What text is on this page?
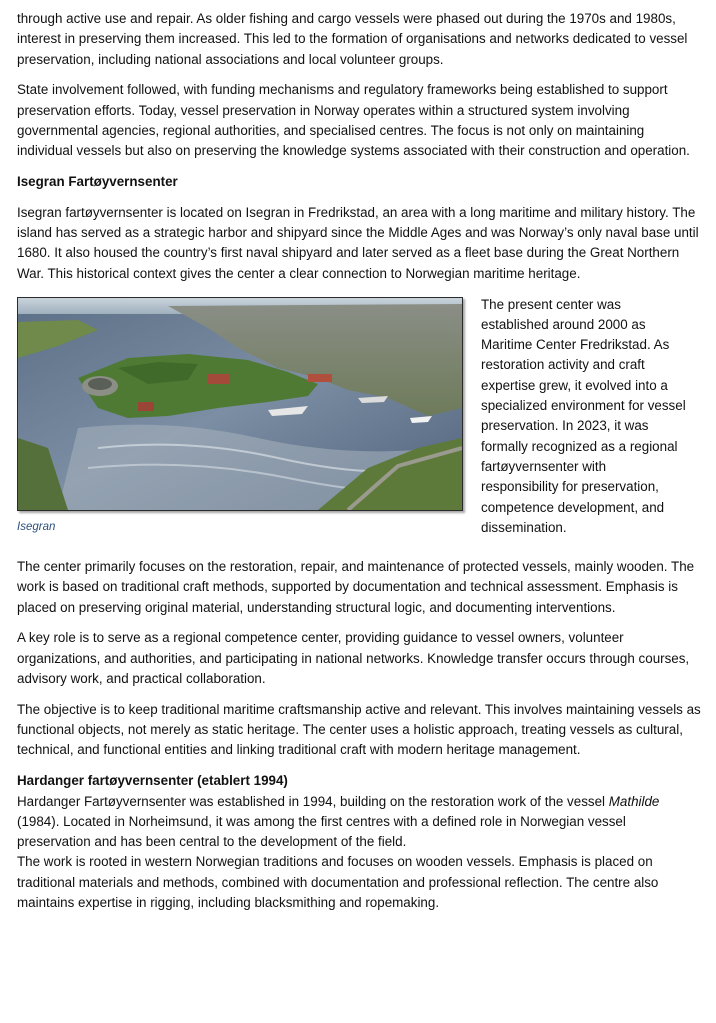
through active use and repair. As older fishing and cargo vessels were phased out during the 1970s and 1980s, interest in preserving them increased. This led to the formation of organisations and networks dedicated to vessel preservation, including national associations and local volunteer groups.

State involvement followed, with funding mechanisms and regulatory frameworks being established to support preservation efforts. Today, vessel preservation in Norway operates within a structured system involving governmental agencies, regional authorities, and specialised centres. The focus is not only on maintaining individual vessels but also on preserving the knowledge systems associated with their construction and operation.

Isegran Fartøyvernsenter

Isegran fartøyvernsenter is located on Isegran in Fredrikstad, an area with a long maritime and military history. The island has served as a strategic harbor and shipyard since the Middle Ages and was Norway’s only naval base until 1680. It also housed the country’s first naval shipyard and later served as a fleet base during the Great Northern War. This historical context gives the center a clear connection to Norwegian maritime heritage.

Isegran

The present center was
established around 2000 as
Maritime Center Fredrikstad. As
restoration activity and craft
expertise grew, it evolved into a
specialized environment for vessel
preservation. In 2023, it was
formally recognized as a regional
fartøyvernsenter with
responsibility for preservation,
competence development, and
dissemination.

The center primarily focuses on the restoration, repair, and maintenance of protected vessels, mainly wooden. The work is based on traditional craft methods, supported by documentation and technical assessment. Emphasis is placed on preserving original material, understanding structural logic, and documenting interventions.

A key role is to serve as a regional competence center, providing guidance to vessel owners, volunteer organizations, and authorities, and participating in national networks. Knowledge transfer occurs through courses, advisory work, and practical collaboration.

The objective is to keep traditional maritime craftsmanship active and relevant. This involves maintaining vessels as functional objects, not merely as static heritage. The center uses a holistic approach, treating vessels as cultural, technical, and functional entities and linking traditional craft with modern heritage management.

Hardanger fartøyvernsenter (etablert 1994)

Hardanger Fartøyvernsenter was established in 1994, building on the restoration work of the vessel Mathilde (1984). Located in Norheimsund, it was among the first centres with a defined role in Norwegian vessel preservation and has been central to the development of the field.

The work is rooted in western Norwegian traditions and focuses on wooden vessels. Emphasis is placed on traditional materials and methods, combined with documentation and professional reflection. The centre also maintains expertise in rigging, including blacksmithing and ropemaking.
